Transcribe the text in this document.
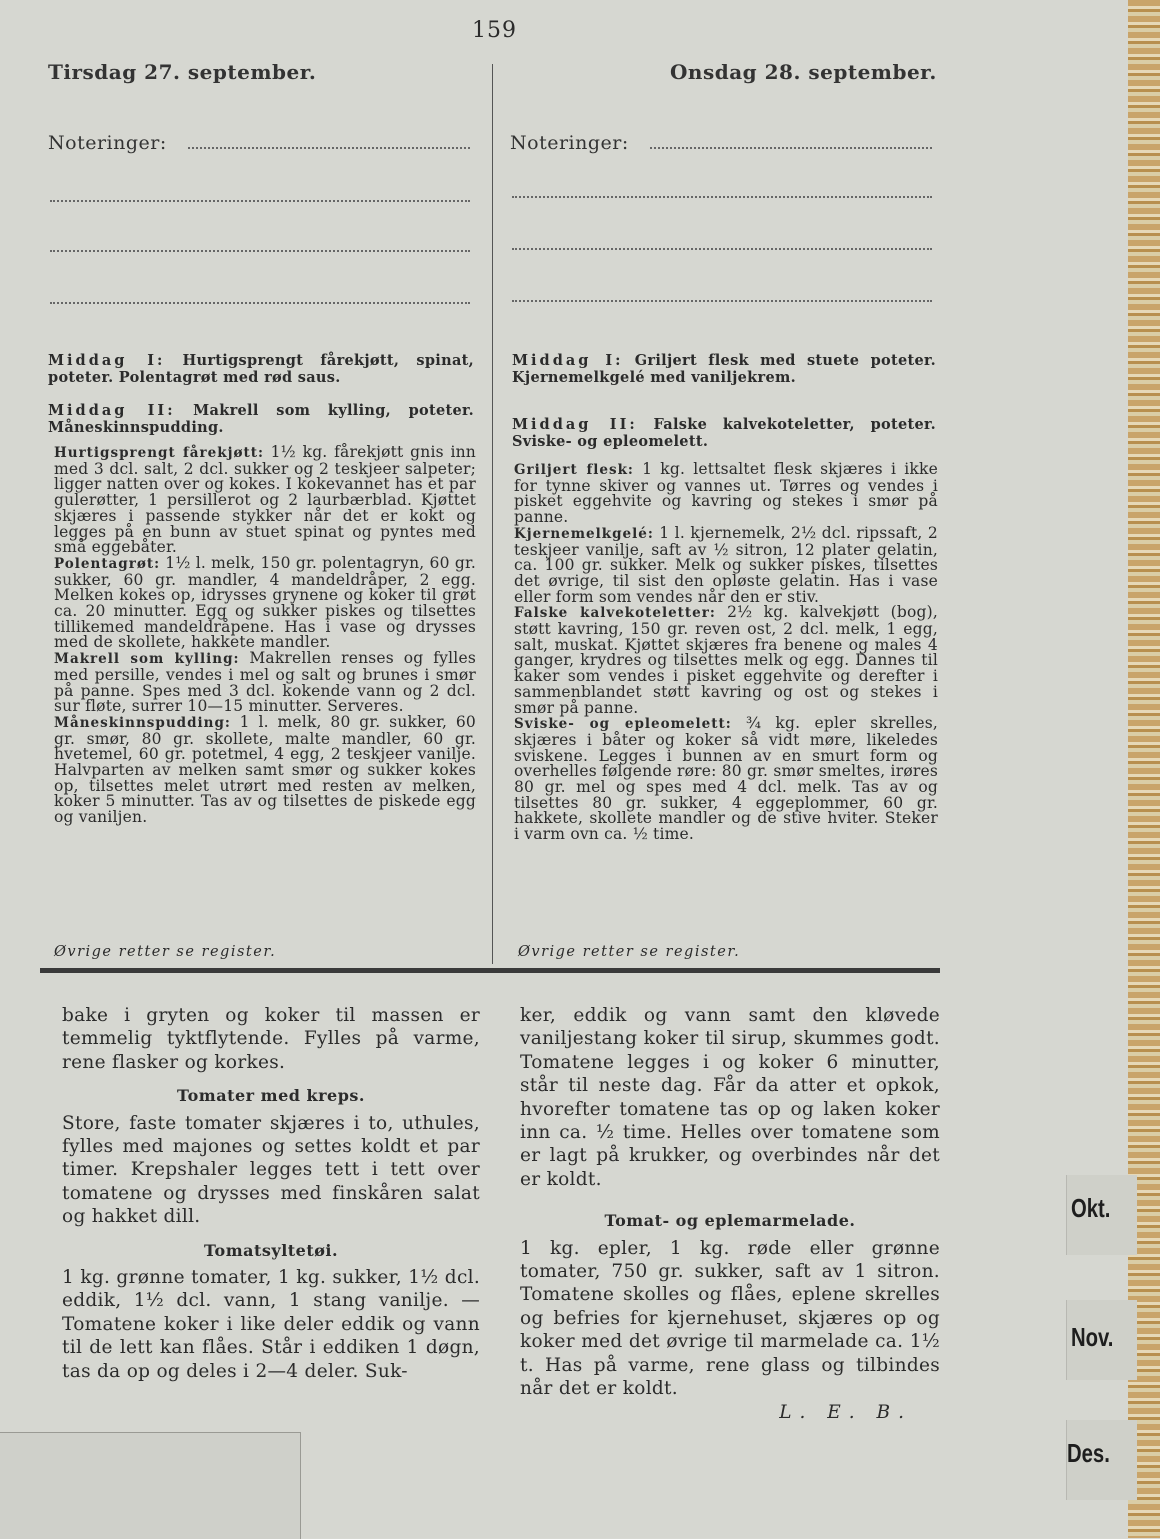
159
Tirsdag 27. september.
Noteringer:
Middag I: Hurtigsprengt fårekjøtt, spinat, poteter. Polentagrøt med rød saus.
Middag II: Makrell som kylling, poteter. Måneskinnspudding.
Hurtigsprengt fårekjøtt: 1½ kg. fårekjøtt gnis inn med 3 dcl. salt, 2 dcl. sukker og 2 teskjeer salpeter; ligger natten over og kokes. I kokevannet has et par gulerøtter, 1 persillerot og 2 laurbærblad. Kjøttet skjæres i passende stykker når det er kokt og legges på en bunn av stuet spinat og pyntes med små eggebåter.
Polentagrøt: 1½ l. melk, 150 gr. polentagryn, 60 gr. sukker, 60 gr. mandler, 4 mandeldråper, 2 egg. Melken kokes op, idrysses grynene og koker til grøt ca. 20 minutter. Egg og sukker piskes og tilsettes tillikemed mandeldråpene. Has i vase og drysses med de skollete, hakkete mandler.
Makrell som kylling: Makrellen renses og fylles med persille, vendes i mel og salt og brunes i smør på panne. Spes med 3 dcl. kokende vann og 2 dcl. sur fløte, surrer 10—15 minutter. Serveres.
Måneskinnspudding: 1 l. melk, 80 gr. sukker, 60 gr. smør, 80 gr. skollete, malte mandler, 60 gr. hvetemel, 60 gr. potetmel, 4 egg, 2 teskjeer vanilje. Halvparten av melken samt smør og sukker kokes op, tilsettes melet utrørt med resten av melken, koker 5 minutter. Tas av og tilsettes de piskede egg og vaniljen.
Øvrige retter se register.
Onsdag 28. september.
Noteringer:
Middag I: Griljert flesk med stuete poteter. Kjernemelkgelé med vaniljekrem.
Middag II: Falske kalvekoteletter, poteter. Sviske- og epleomelett.
Griljert flesk: 1 kg. lettsaltet flesk skjæres i ikke for tynne skiver og vannes ut. Tørres og vendes i pisket eggehvite og kavring og stekes i smør på panne.
Kjernemelkgelé: 1 l. kjernemelk, 2½ dcl. ripssaft, 2 teskjeer vanilje, saft av ½ sitron, 12 plater gelatin, ca. 100 gr. sukker. Melk og sukker piskes, tilsettes det øvrige, til sist den opløste gelatin. Has i vase eller form som vendes når den er stiv.
Falske kalvekoteletter: 2½ kg. kalvekjøtt (bog), støtt kavring, 150 gr. reven ost, 2 dcl. melk, 1 egg, salt, muskat. Kjøttet skjæres fra benene og males 4 ganger, krydres og tilsettes melk og egg. Dannes til kaker som vendes i pisket eggehvite og derefter i sammenblandet støtt kavring og ost og stekes i smør på panne.
Sviske- og epleomelett: ¾ kg. epler skrelles, skjæres i båter og koker så vidt møre, likeledes sviskene. Legges i bunnen av en smurt form og overhelles følgende røre: 80 gr. smør smeltes, irøres 80 gr. mel og spes med 4 dcl. melk. Tas av og tilsettes 80 gr. sukker, 4 eggeplommer, 60 gr. hakkete, skollete mandler og de stive hviter. Steker i varm ovn ca. ½ time.
Øvrige retter se register.

bake i gryten og koker til massen er temmelig tyktflytende. Fylles på varme, rene flasker og korkes.

Tomater med kreps.

Store, faste tomater skjæres i to, uthules, fylles med majones og settes koldt et par timer. Krepshaler legges tett i tett over tomatene og drysses med finskåren salat og hakket dill.

Tomatsyltetøi.

1 kg. grønne tomater, 1 kg. sukker, 1½ dcl. eddik, 1½ dcl. vann, 1 stang vanilje. — Tomatene koker i like deler eddik og vann til de lett kan flåes. Står i eddiken 1 døgn, tas da op og deles i 2—4 deler. Suk-

ker, eddik og vann samt den kløvede vaniljestang koker til sirup, skummes godt. Tomatene legges i og koker 6 minutter, står til neste dag. Får da atter et opkok, hvorefter tomatene tas op og laken koker inn ca. ½ time. Helles over tomatene som er lagt på krukker, og overbindes når det er koldt.

Tomat- og eplemarmelade.

1 kg. epler, 1 kg. røde eller grønne tomater, 750 gr. sukker, saft av 1 sitron. Tomatene skolles og flåes, eplene skrelles og befries for kjernehuset, skjæres op og koker med det øvrige til marmelade ca. 1½ t. Has på varme, rene glass og tilbindes når det er koldt.

L. E. B.

Okt.
Nov.
Des.
